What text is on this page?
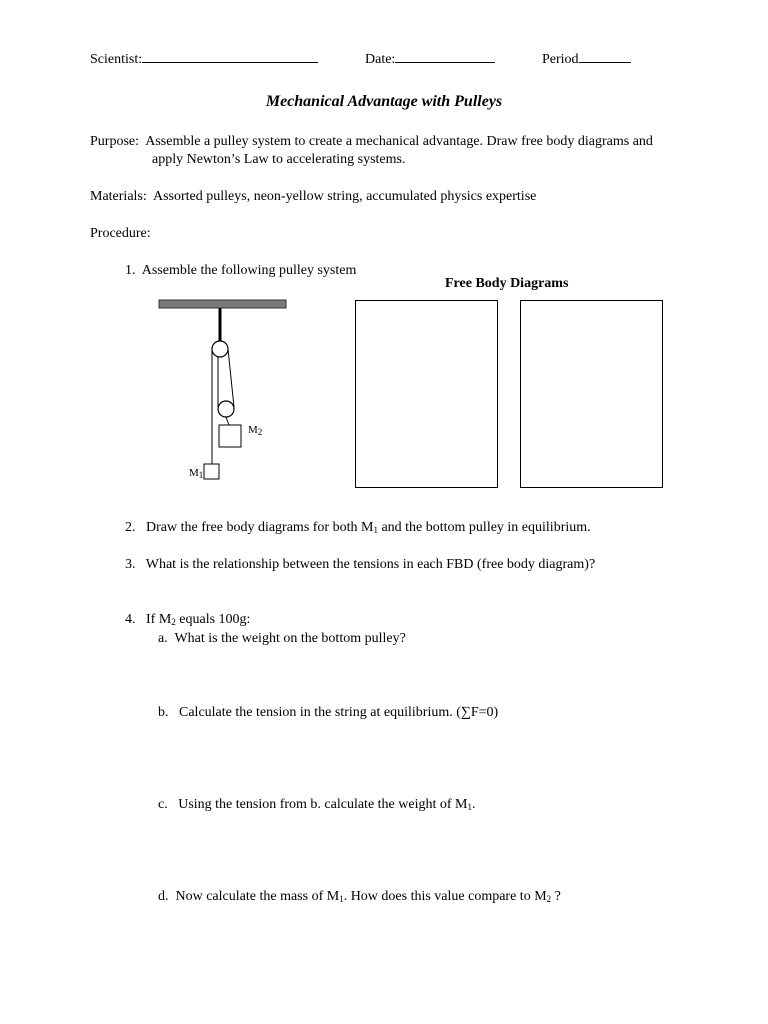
Scientist:	Date:	Period
Mechanical Advantage with Pulleys
Purpose: Assemble a pulley system to create a mechanical advantage. Draw free body diagrams and
apply Newton’s Law to accelerating systems.
Materials: Assorted pulleys, neon-yellow string, accumulated physics expertise
Procedure:
1. Assemble the following pulley system
Free Body Diagrams
$M_2$
$M_1$
2. Draw the free body diagrams for both $M_1$ and the bottom pulley in equilibrium.
3. What is the relationship between the tensions in each FBD (free body diagram)?
4. If $M_2$ equals 100g:
a. What is the weight on the bottom pulley?
b. Calculate the tension in the string at equilibrium. (∑F=0)
c. Using the tension from b. calculate the weight of $M_1$.
d. Now calculate the mass of $M_1$. How does this value compare to $M_2$ ?
